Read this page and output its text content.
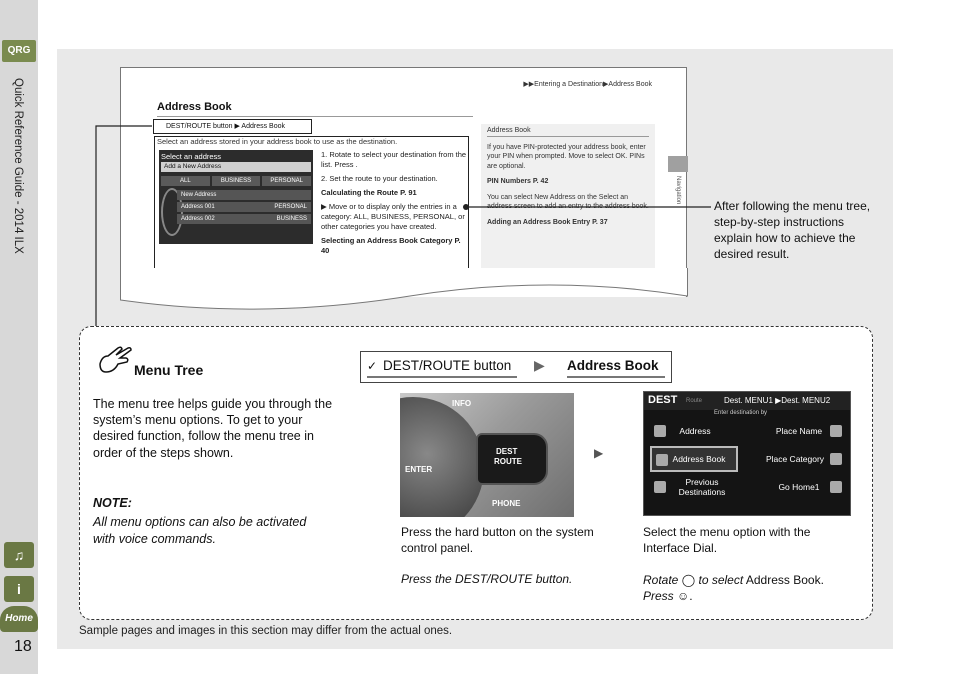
QRG
Quick Reference Guide - 2014 ILX
♫
i
Home
18
▶▶Entering a Destination▶Address Book
Address Book
DEST/ROUTE button ▶ Address Book
Select an address stored in your address book to use as the destination.
Select an address
Add a New Address
ALL	BUSINESS	PERSONAL
New Address
Address 001	PERSONAL
Address 002	BUSINESS

1. Rotate to select your destination from the list. Press .

2. Set the route to your destination.

Calculating the Route P. 91

▶ Move or to display only the entries in a category: ALL, BUSINESS, PERSONAL, or other categories you have created.

Selecting an Address Book Category P. 40

Address Book

If you have PIN-protected your address book, enter your PIN when prompted. Move to select OK. PINs are optional.

PIN Numbers P. 42

You can select New Address on the Select an address screen to add an entry to the address book.

Adding an Address Book Entry P. 37

Navigation
After following the menu tree, step-by-step instructions explain how to achieve the desired result.
Menu Tree
The menu tree helps guide you through the system’s menu options. To get to your desired function, follow the menu tree in order of the steps shown.
NOTE:
All menu options can also be activated with voice commands.
✓ DEST/ROUTE button ▶ Address Book
INFO
ENTER
DEST
ROUTE
PHONE
▶
DEST Route	Dest. MENU1 ▶Dest. MENU2
Enter destination by
Address	Place Name
Address Book	Place Category
Previous Destinations	Go Home1
Press the hard button on the system control panel.
Press the DEST/ROUTE button.
Select the menu option with the Interface Dial.
Rotate ◯ to select Address Book.
Press ☺.
Sample pages and images in this section may differ from the actual ones.
